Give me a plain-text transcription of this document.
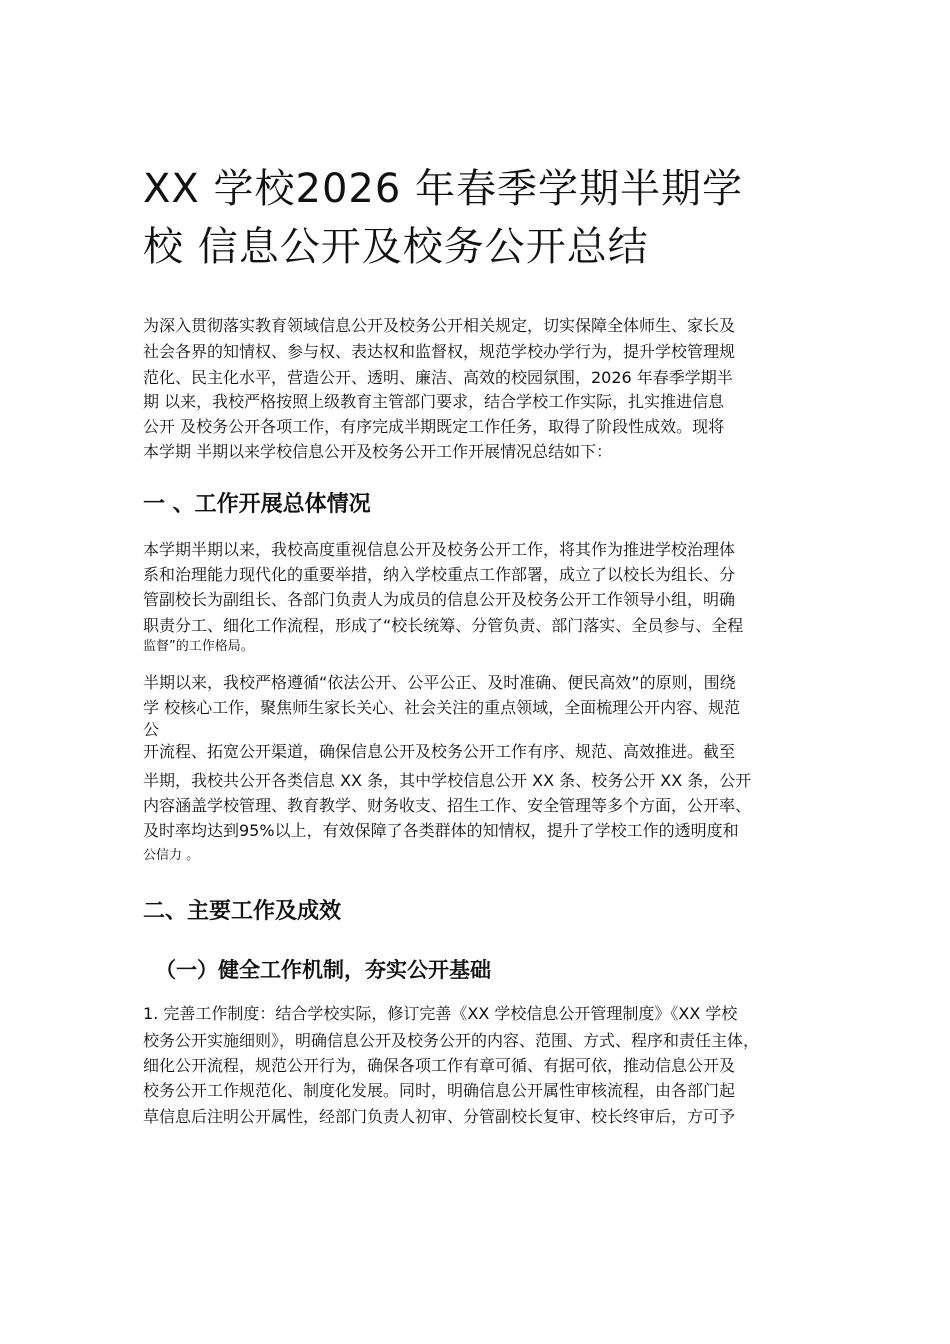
XX 学校2026 年春季学期半期学
校 信息公开及校务公开总结
为深入贯彻落实教育领域信息公开及校务公开相关规定，切实保障全体师生、家长及
社会各界的知情权、参与权、表达权和监督权，规范学校办学行为，提升学校管理规
范化、民主化水平，营造公开、透明、廉洁、高效的校园氛围，2026 年春季学期半
期 以来，我校严格按照上级教育主管部门要求，结合学校工作实际，扎实推进信息
公开 及校务公开各项工作，有序完成半期既定工作任务，取得了阶段性成效。现将
本学期 半期以来学校信息公开及校务公开工作开展情况总结如下：
一 、工作开展总体情况
本学期半期以来，我校高度重视信息公开及校务公开工作，将其作为推进学校治理体
系和治理能力现代化的重要举措，纳入学校重点工作部署，成立了以校长为组长、分
管副校长为副组长、各部门负责人为成员的信息公开及校务公开工作领导小组，明确
职责分工、细化工作流程，形成了“校长统筹、分管负责、部门落实、全员参与、全程
监督”的工作格局。
半期以来，我校严格遵循“依法公开、公平公正、及时准确、便民高效”的原则，围绕
学 校核心工作，聚焦师生家长关心、社会关注的重点领域，全面梳理公开内容、规范
公
开流程、拓宽公开渠道，确保信息公开及校务公开工作有序、规范、高效推进。截至
半期，我校共公开各类信息 XX 条，其中学校信息公开 XX 条、校务公开 XX 条，公开
内容涵盖学校管理、教育教学、财务收支、招生工作、安全管理等多个方面，公开率、
及时率均达到95%以上，有效保障了各类群体的知情权，提升了学校工作的透明度和
公信力 。
二、主要工作及成效
（一）健全工作机制，夯实公开基础
1. 完善工作制度：结合学校实际，修订完善《XX 学校信息公开管理制度》《XX 学校
校务公开实施细则》，明确信息公开及校务公开的内容、范围、方式、程序和责任主体，
细化公开流程，规范公开行为，确保各项工作有章可循、有据可依，推动信息公开及
校务公开工作规范化、制度化发展。同时，明确信息公开属性审核流程，由各部门起
草信息后注明公开属性，经部门负责人初审、分管副校长复审、校长终审后，方可予
